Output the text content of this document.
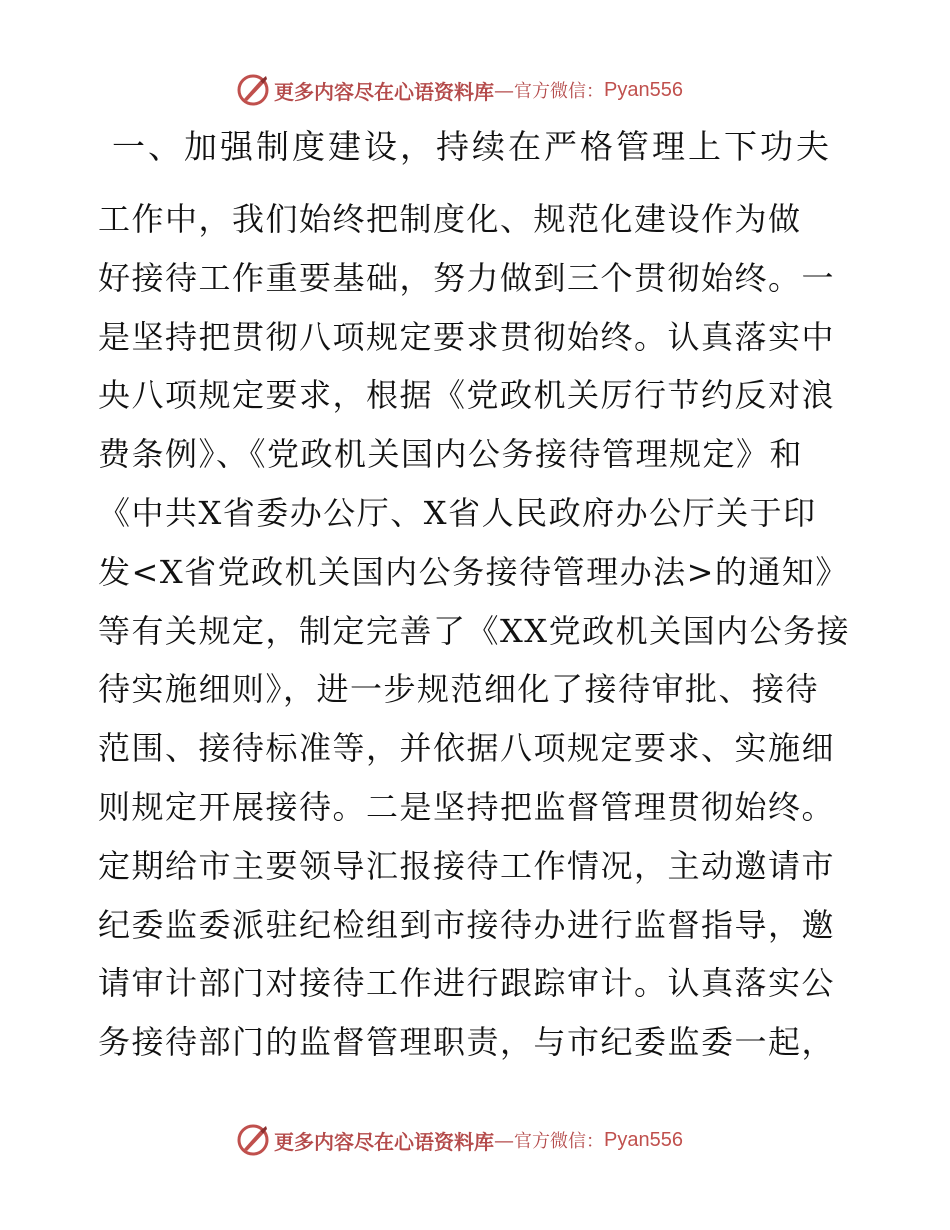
更多内容尽在心语资料库 — 官方微信： Pyan556
一、加强制度建设，持续在严格管理上下功夫
工作中，我们始终把制度化、规范化建设作为做
好接待工作重要基础，努力做到三个贯彻始终。一
是坚持把贯彻八项规定要求贯彻始终。认真落实中
央八项规定要求，根据《党政机关厉行节约反对浪
费条例》、《党政机关国内公务接待管理规定》和
《中共X省委办公厅、X省人民政府办公厅关于印
发<X省党政机关国内公务接待管理办法>的通知》
等有关规定，制定完善了《XX党政机关国内公务接
待实施细则》，进一步规范细化了接待审批、接待
范围、接待标准等，并依据八项规定要求、实施细
则规定开展接待。二是坚持把监督管理贯彻始终。
定期给市主要领导汇报接待工作情况，主动邀请市
纪委监委派驻纪检组到市接待办进行监督指导，邀
请审计部门对接待工作进行跟踪审计。认真落实公
务接待部门的监督管理职责，与市纪委监委一起，
更多内容尽在心语资料库 — 官方微信： Pyan556
